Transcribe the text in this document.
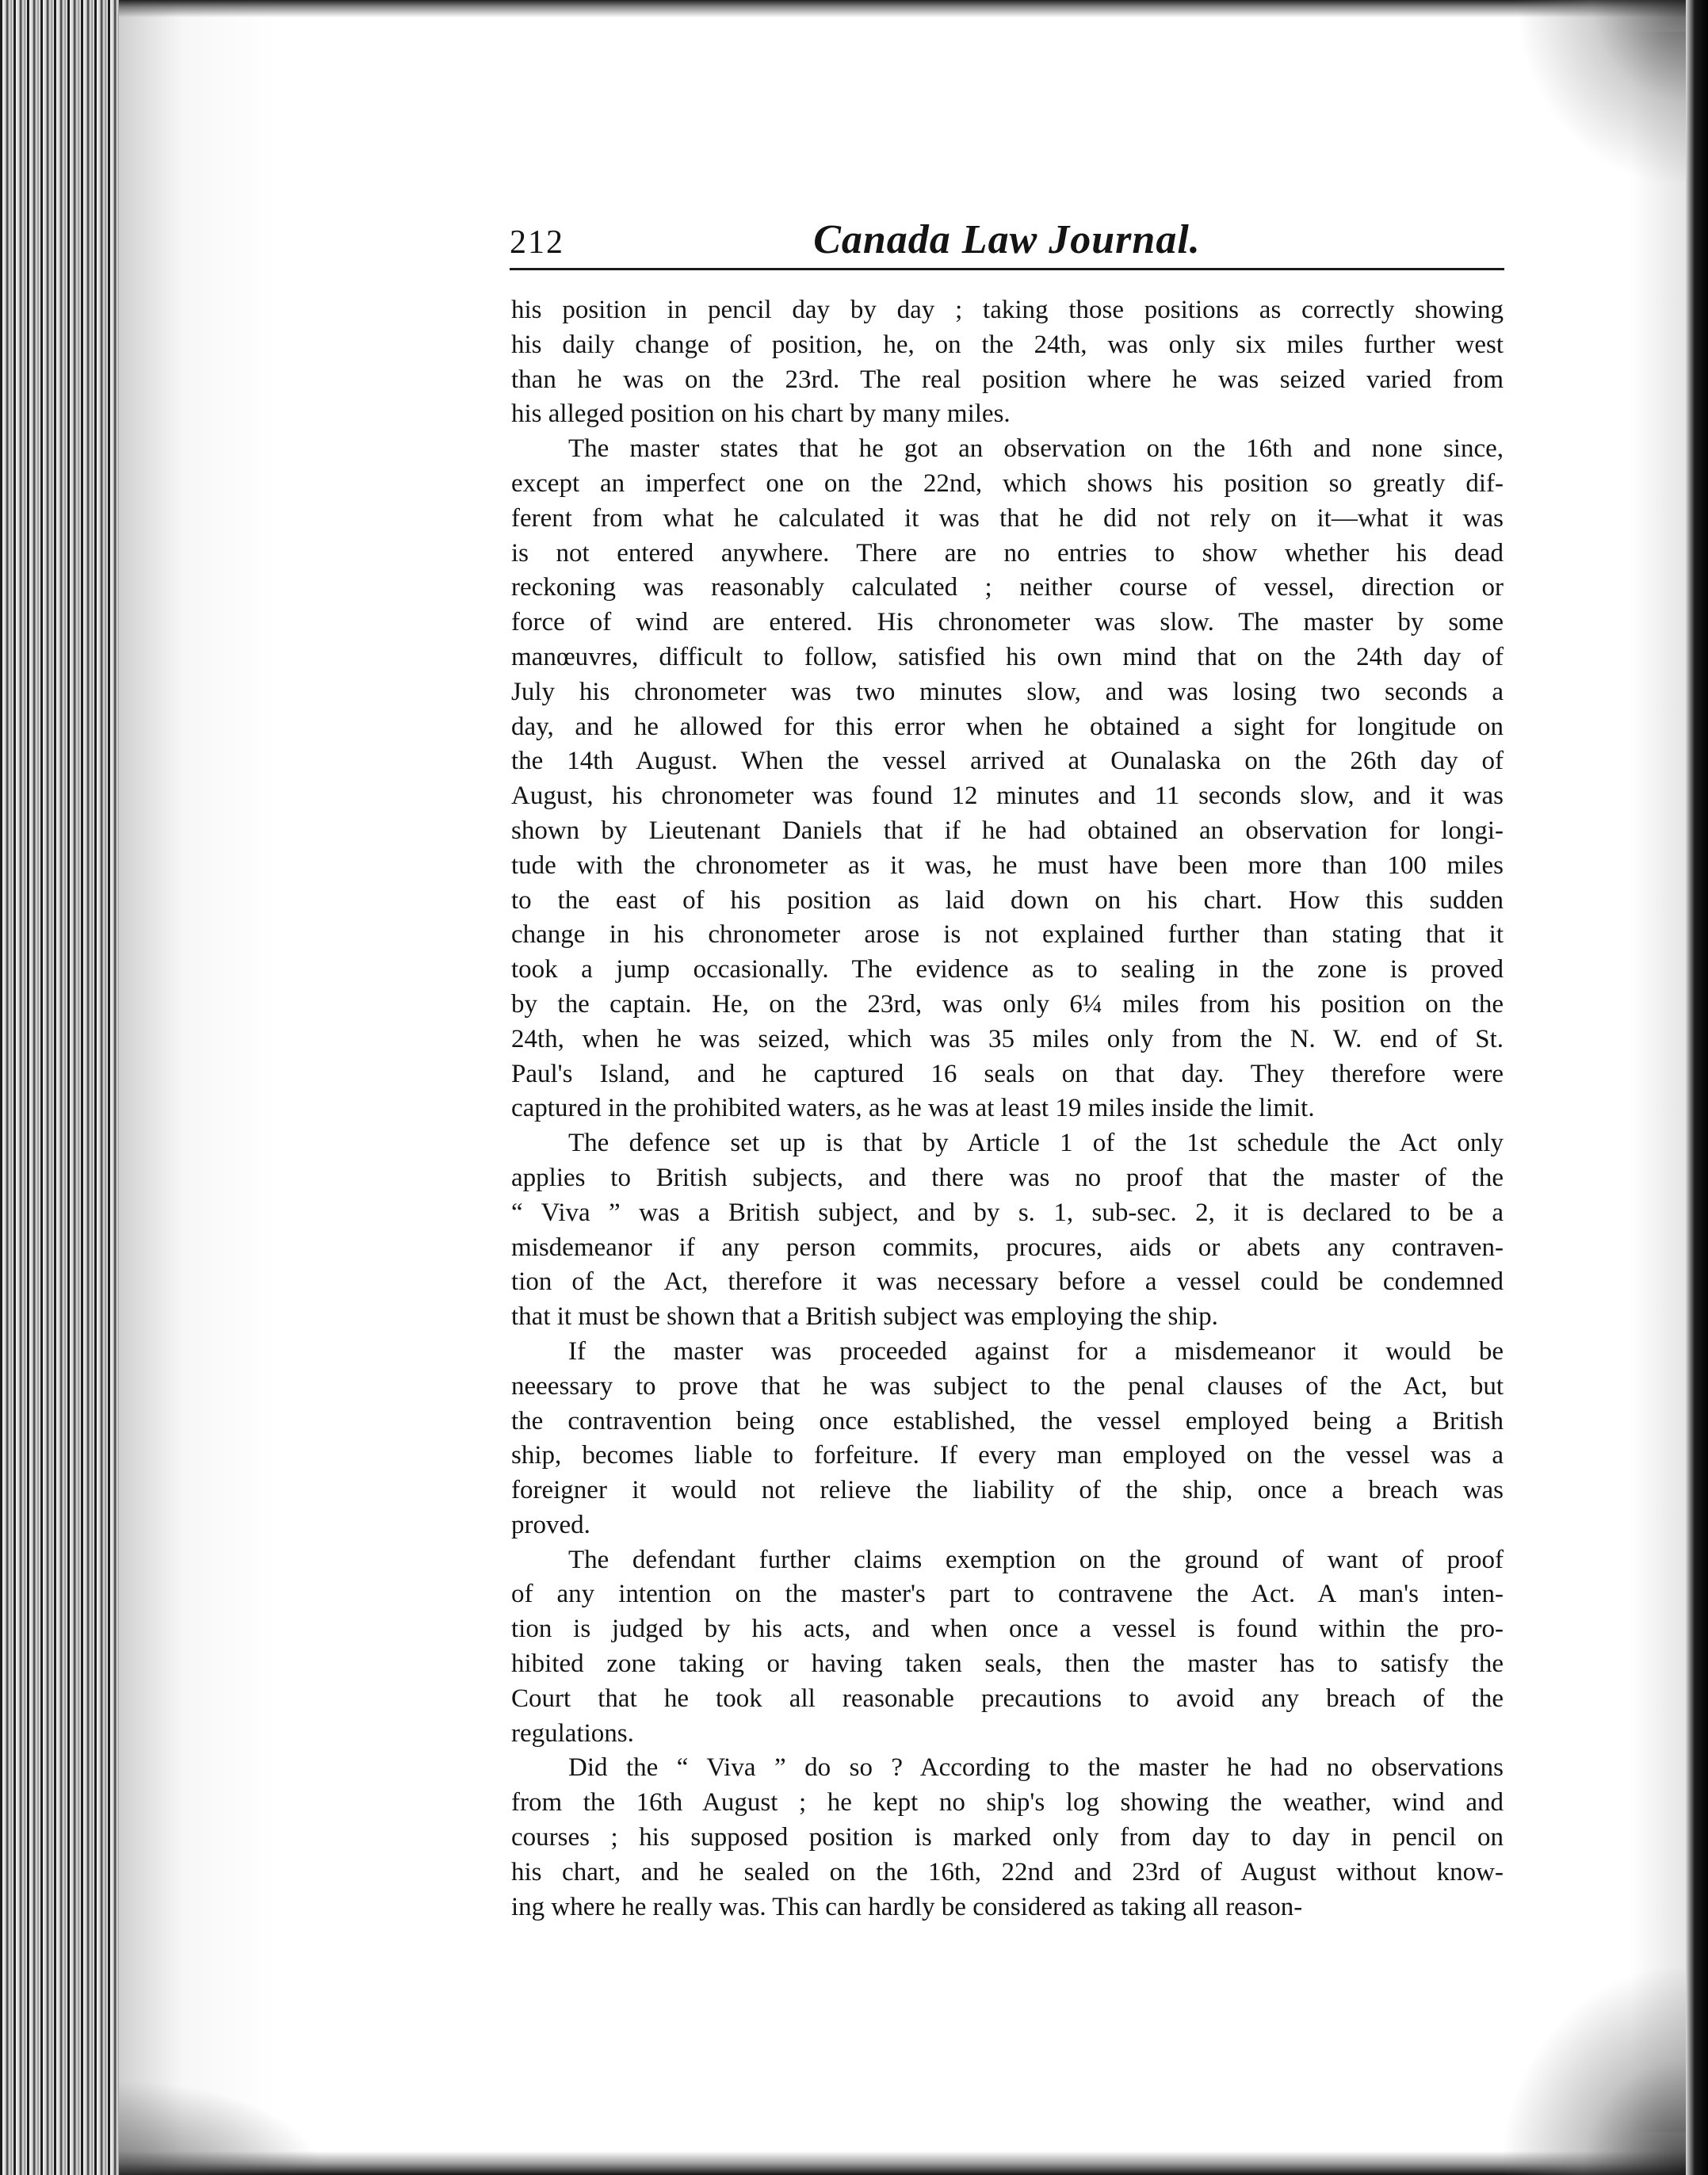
212	Canada Law Journal.
his position in pencil day by day ; taking those positions as correctly showing
his daily change of position, he, on the 24th, was only six miles further west
than he was on the 23rd. The real position where he was seized varied from
his alleged position on his chart by many miles.
The master states that he got an observation on the 16th and none since,
except an imperfect one on the 22nd, which shows his position so greatly dif-
ferent from what he calculated it was that he did not rely on it—what it was
is not entered anywhere. There are no entries to show whether his dead
reckoning was reasonably calculated ; neither course of vessel, direction or
force of wind are entered. His chronometer was slow. The master by some
manœuvres, difficult to follow, satisfied his own mind that on the 24th day of
July his chronometer was two minutes slow, and was losing two seconds a
day, and he allowed for this error when he obtained a sight for longitude on
the 14th August. When the vessel arrived at Ounalaska on the 26th day of
August, his chronometer was found 12 minutes and 11 seconds slow, and it was
shown by Lieutenant Daniels that if he had obtained an observation for longi-
tude with the chronometer as it was, he must have been more than 100 miles
to the east of his position as laid down on his chart. How this sudden
change in his chronometer arose is not explained further than stating that it
took a jump occasionally. The evidence as to sealing in the zone is proved
by the captain. He, on the 23rd, was only 6¼ miles from his position on the
24th, when he was seized, which was 35 miles only from the N. W. end of St.
Paul's Island, and he captured 16 seals on that day. They therefore were
captured in the prohibited waters, as he was at least 19 miles inside the limit.
The defence set up is that by Article 1 of the 1st schedule the Act only
applies to British subjects, and there was no proof that the master of the
“ Viva ” was a British subject, and by s. 1, sub-sec. 2, it is declared to be a
misdemeanor if any person commits, procures, aids or abets any contraven-
tion of the Act, therefore it was necessary before a vessel could be condemned
that it must be shown that a British subject was employing the ship.
If the master was proceeded against for a misdemeanor it would be
neeessary to prove that he was subject to the penal clauses of the Act, but
the contravention being once established, the vessel employed being a British
ship, becomes liable to forfeiture. If every man employed on the vessel was a
foreigner it would not relieve the liability of the ship, once a breach was
proved.
The defendant further claims exemption on the ground of want of proof
of any intention on the master's part to contravene the Act. A man's inten-
tion is judged by his acts, and when once a vessel is found within the pro-
hibited zone taking or having taken seals, then the master has to satisfy the
Court that he took all reasonable precautions to avoid any breach of the
regulations.
Did the “ Viva ” do so ? According to the master he had no observations
from the 16th August ; he kept no ship's log showing the weather, wind and
courses ; his supposed position is marked only from day to day in pencil on
his chart, and he sealed on the 16th, 22nd and 23rd of August without know-
ing where he really was. This can hardly be considered as taking all reason-
